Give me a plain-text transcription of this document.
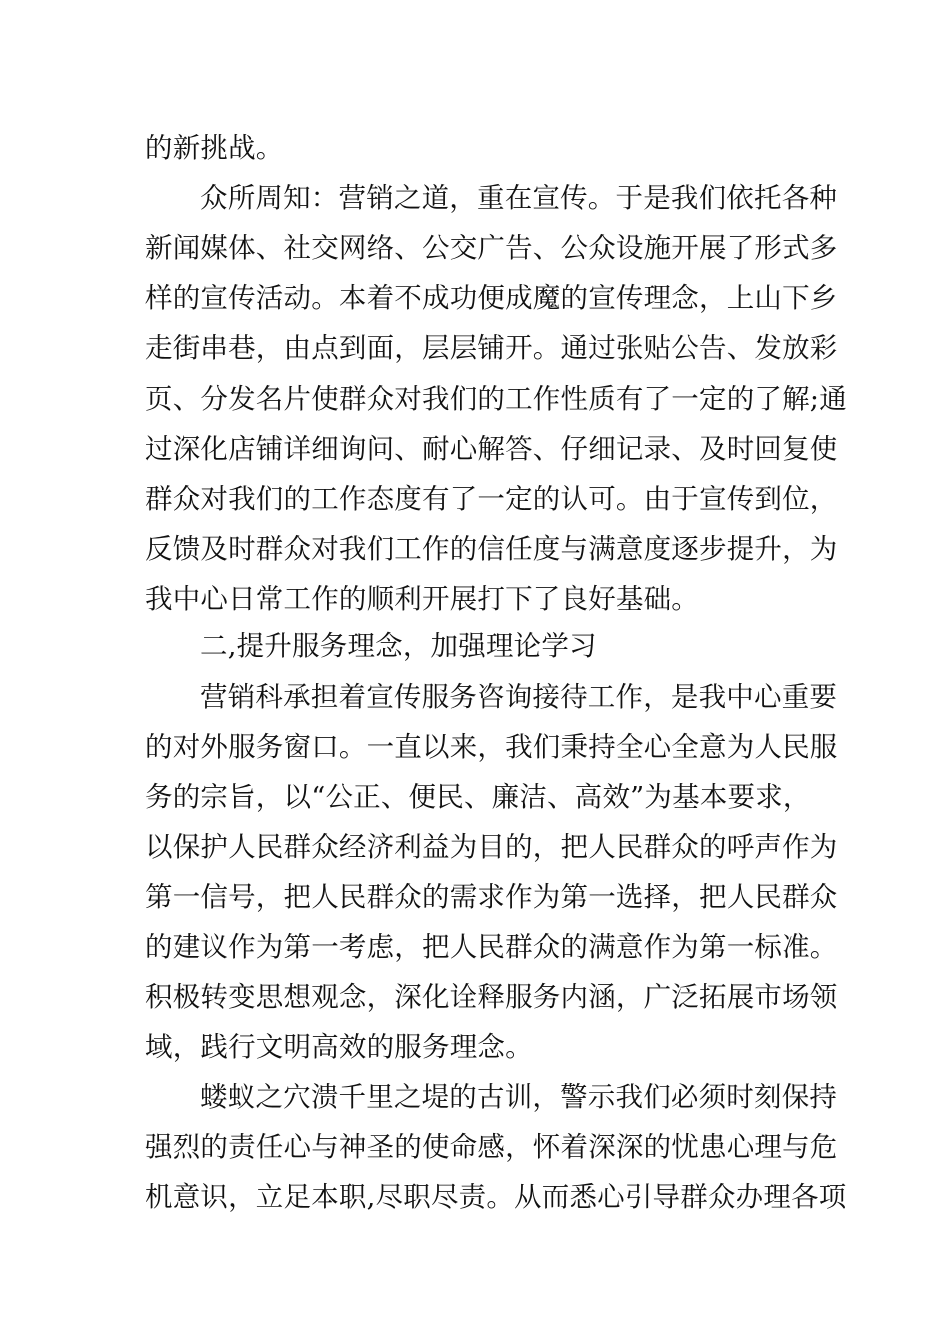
的新挑战。
众所周知：营销之道，重在宣传。于是我们依托各种
新闻媒体、社交网络、公交广告、公众设施开展了形式多
样的宣传活动。本着不成功便成魔的宣传理念，上山下乡
走街串巷，由点到面，层层铺开。通过张贴公告、发放彩
页、分发名片使群众对我们的工作性质有了一定的了解;通
过深化店铺详细询问、耐心解答、仔细记录、及时回复使
群众对我们的工作态度有了一定的认可。由于宣传到位，
反馈及时群众对我们工作的信任度与满意度逐步提升，为
我中心日常工作的顺利开展打下了良好基础。
二,提升服务理念，加强理论学习
营销科承担着宣传服务咨询接待工作，是我中心重要
的对外服务窗口。一直以来，我们秉持全心全意为人民服
务的宗旨，以“公正、便民、廉洁、高效”为基本要求，
以保护人民群众经济利益为目的，把人民群众的呼声作为
第一信号，把人民群众的需求作为第一选择，把人民群众
的建议作为第一考虑，把人民群众的满意作为第一标准。
积极转变思想观念，深化诠释服务内涵，广泛拓展市场领
域，践行文明高效的服务理念。
蝼蚁之穴溃千里之堤的古训，警示我们必须时刻保持
强烈的责任心与神圣的使命感，怀着深深的忧患心理与危
机意识，立足本职,尽职尽责。从而悉心引导群众办理各项
